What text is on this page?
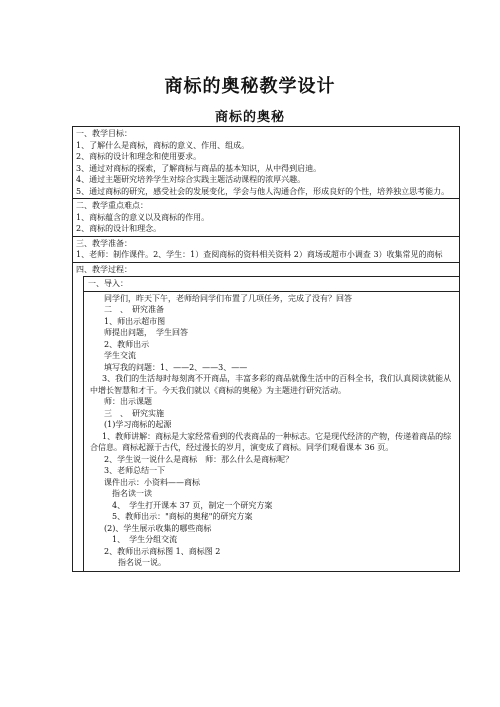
商标的奥秘教学设计
商标的奥秘
一、教学目标：
1、了解什么是商标，商标的意义、作用、组成。
2、商标的设计和理念和使用要求。
3、通过对商标的探索，了解商标与商品的基本知识，从中得到启迪。
4、通过主题研究培养学生对综合实践主题活动课程的浓厚兴趣。
5、通过商标的研究，感受社会的发展变化，学会与他人沟通合作，形成良好的个性，培养独立思考能力。
二、教学重点难点：
1、商标蕴含的意义以及商标的作用。
2、商标的设计和理念。
三、教学准备：
1、老师：制作课件。2、学生：1）查阅商标的资料相关资料 2）商场或超市小调查 3）收集常见的商标
四、教学过程：
一、导入：
同学们，昨天下午，老师给同学们布置了几项任务，完成了没有？回答
二　、　研究准备
1、师出示超市图
师提出问题，　学生回答
2、教师出示
学生交流
填写我的问题：1、——2、——3、——
3、我们的生活每时每刻离不开商品，丰富多彩的商品就像生活中的百科全书，我们认真阅读就能从中增长智慧和才干。今天我们就以《商标的奥秘》为主题进行研究活动。
师：出示课题
三　、　研究实施
(1)学习商标的起源
1、教师讲解：商标是大家经常看到的代表商品的一种标志。它是现代经济的产物，传递着商品的综合信息。商标起源于古代，经过漫长的岁月，演变成了商标。同学们观看课本 36 页。
2、学生说一说什么是商标　师：那么什么是商标呢？
3、老师总结一下
课件出示：小资料——商标
指名读一读
4、　学生打开课本 37 页，制定一个研究方案
5、教师出示："商标的奥秘"的研究方案
(2)、学生展示收集的哪些商标
1、　学生分组交流
2、教师出示商标图 1、商标图 2
指名说一说。
